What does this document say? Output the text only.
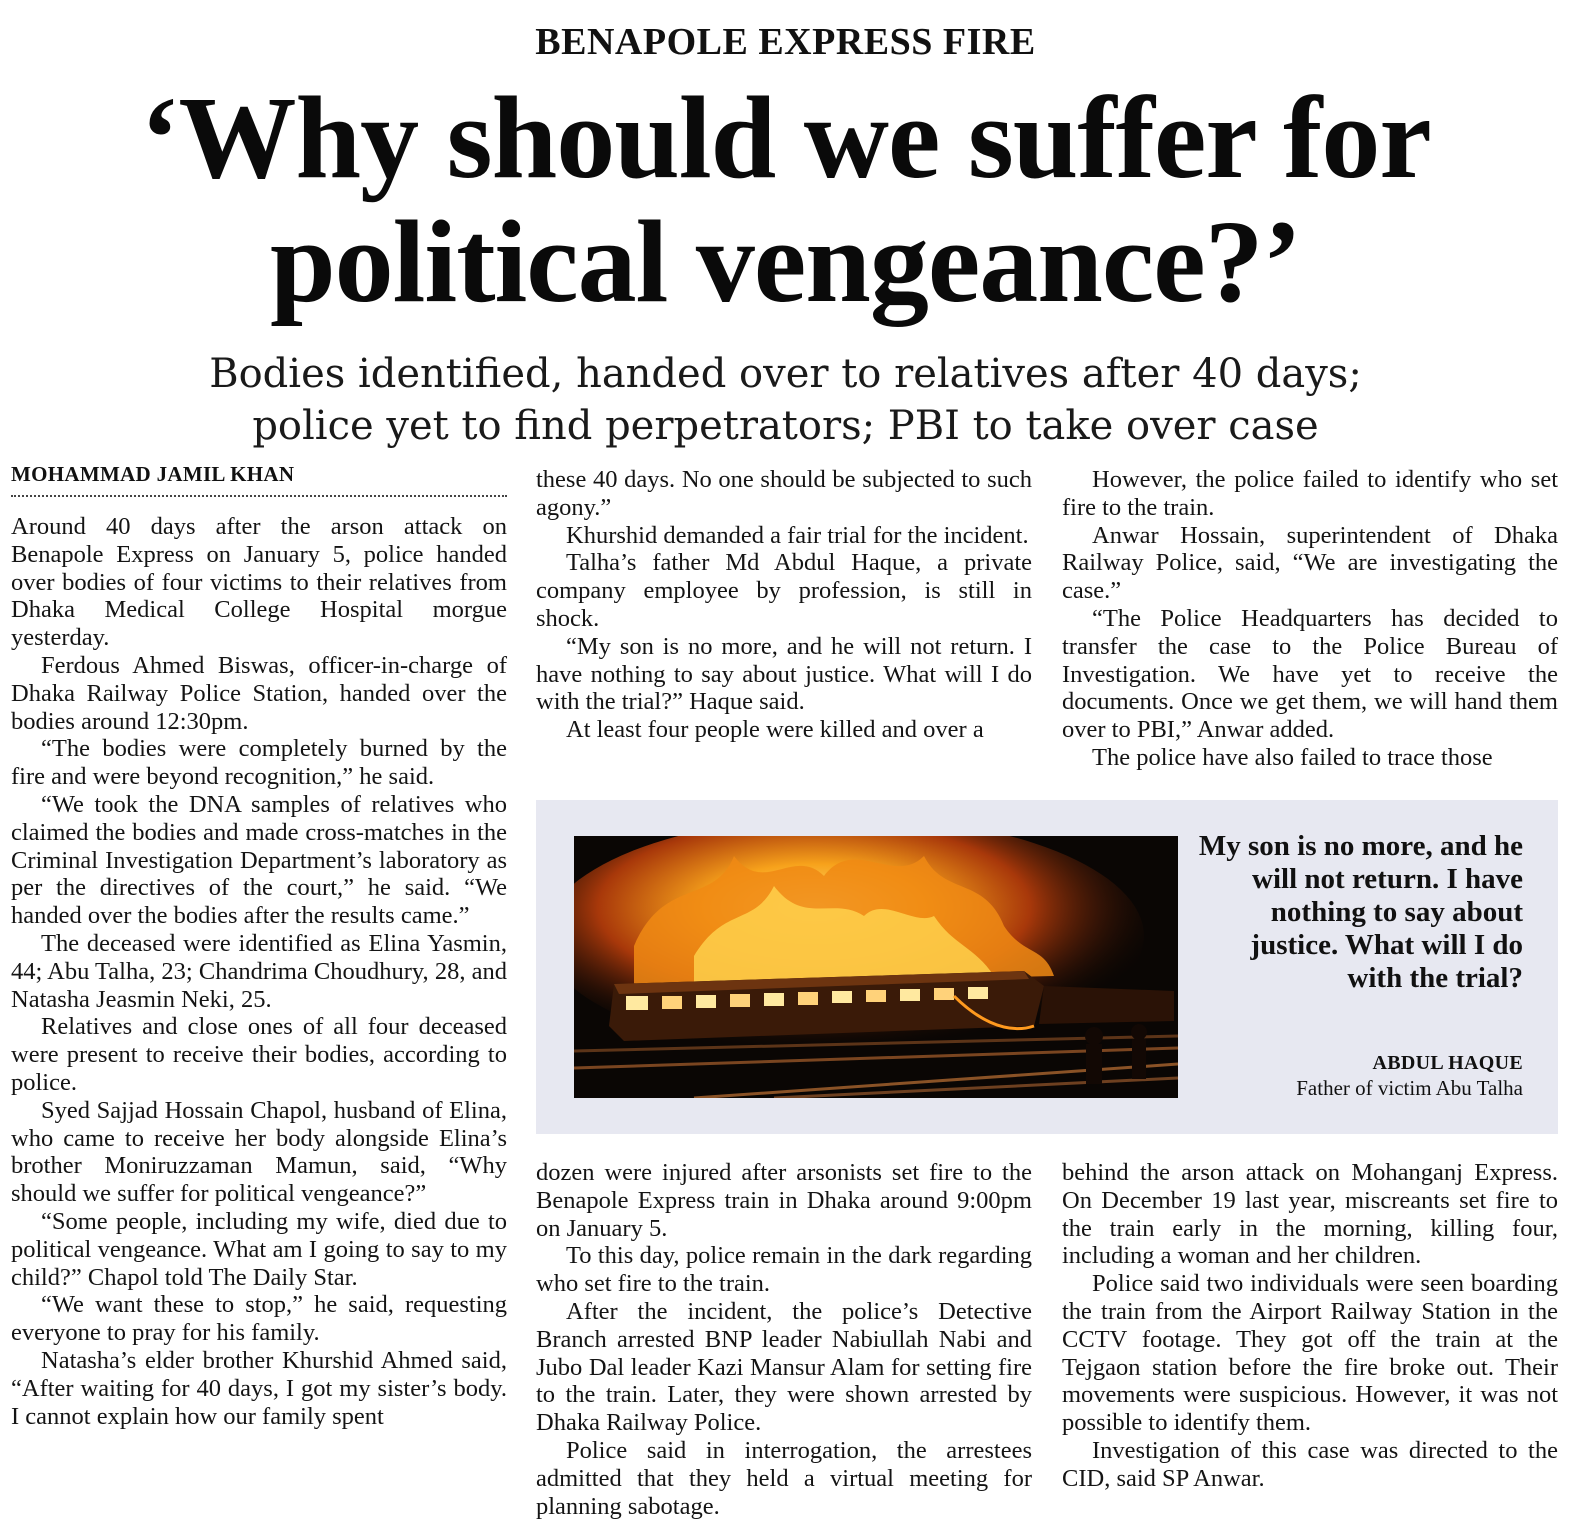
BENAPOLE EXPRESS FIRE
‘Why should we suffer for
political vengeance?’
Bodies identified, handed over to relatives after 40 days;
police yet to find perpetrators; PBI to take over case
MOHAMMAD JAMIL KHAN

Around 40 days after the arson attack on Benapole Express on January 5, police handed over bodies of four victims to their relatives from Dhaka Medical College Hospital morgue yesterday.

Ferdous Ahmed Biswas, officer-in-charge of Dhaka Railway Police Station, handed over the bodies around 12:30pm.

“The bodies were completely burned by the fire and were beyond recognition,” he said.

“We took the DNA samples of relatives who claimed the bodies and made cross-matches in the Criminal Investigation Department’s laboratory as per the directives of the court,” he said. “We handed over the bodies after the results came.”

The deceased were identified as Elina Yasmin, 44; Abu Talha, 23; Chandrima Choudhury, 28, and Natasha Jeasmin Neki, 25.

Relatives and close ones of all four deceased were present to receive their bodies, according to police.

Syed Sajjad Hossain Chapol, husband of Elina, who came to receive her body alongside Elina’s brother Moniruzzaman Mamun, said, “Why should we suffer for political vengeance?”

“Some people, including my wife, died due to political vengeance. What am I going to say to my child?” Chapol told The Daily Star.

“We want these to stop,” he said, requesting everyone to pray for his family.

Natasha’s elder brother Khurshid Ahmed said, “After waiting for 40 days, I got my sister’s body. I cannot explain how our family spent

these 40 days. No one should be subjected to such agony.”

Khurshid demanded a fair trial for the incident.

Talha’s father Md Abdul Haque, a private company employee by profession, is still in shock.

“My son is no more, and he will not return. I have nothing to say about justice. What will I do with the trial?” Haque said.

At least four people were killed and over a

However, the police failed to identify who set fire to the train.

Anwar Hossain, superintendent of Dhaka Railway Police, said, “We are investigating the case.”

“The Police Headquarters has decided to transfer the case to the Police Bureau of Investigation. We have yet to receive the documents. Once we get them, we will hand them over to PBI,” Anwar added.

The police have also failed to trace those

My son is no more, and he will not return. I have nothing to say about justice. What will I do with the trial?
ABDUL HAQUE
Father of victim Abu Talha

dozen were injured after arsonists set fire to the Benapole Express train in Dhaka around 9:00pm on January 5.

To this day, police remain in the dark regarding who set fire to the train.

After the incident, the police’s Detective Branch arrested BNP leader Nabiullah Nabi and Jubo Dal leader Kazi Mansur Alam for setting fire to the train. Later, they were shown arrested by Dhaka Railway Police.

Police said in interrogation, the arrestees admitted that they held a virtual meeting for planning sabotage.

behind the arson attack on Mohanganj Express. On December 19 last year, miscreants set fire to the train early in the morning, killing four, including a woman and her children.

Police said two individuals were seen boarding the train from the Airport Railway Station in the CCTV footage. They got off the train at the Tejgaon station before the fire broke out. Their movements were suspicious. However, it was not possible to identify them.

Investigation of this case was directed to the CID, said SP Anwar.
